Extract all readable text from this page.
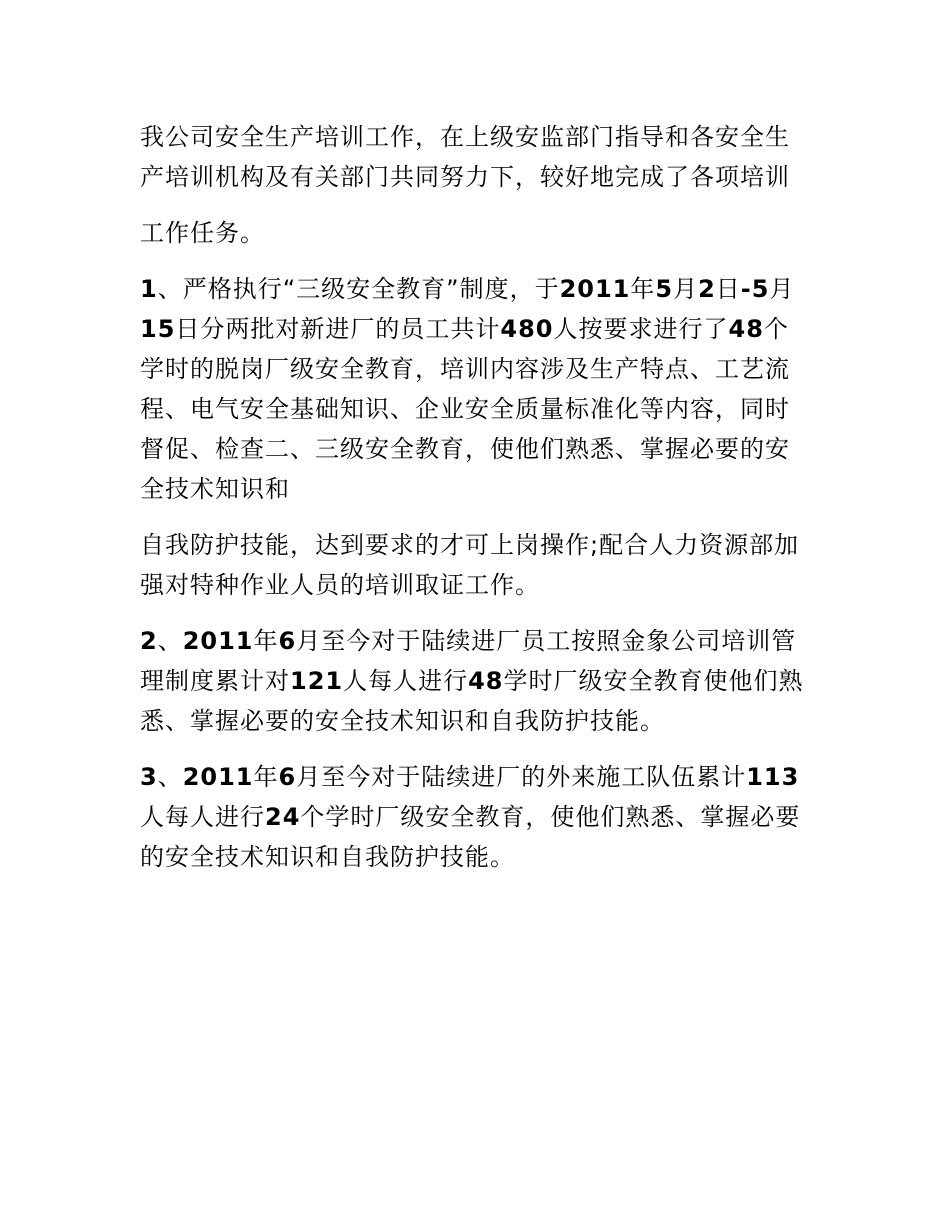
我公司安全生产培训工作，在上级安监部门指导和各安全生产培训机构及有关部门共同努力下，较好地完成了各项培训

工作任务。

1、严格执行“三级安全教育”制度，于2011年5月2日-5月15日分两批对新进厂的员工共计480人按要求进行了48个学时的脱岗厂级安全教育，培训内容涉及生产特点、工艺流程、电气安全基础知识、企业安全质量标准化等内容，同时督促、检查二、三级安全教育，使他们熟悉、掌握必要的安全技术知识和

自我防护技能，达到要求的才可上岗操作;配合人力资源部加强对特种作业人员的培训取证工作。

2、2011年6月至今对于陆续进厂员工按照金象公司培训管理制度累计对121人每人进行48学时厂级安全教育使他们熟悉、掌握必要的安全技术知识和自我防护技能。

3、2011年6月至今对于陆续进厂的外来施工队伍累计113人每人进行24个学时厂级安全教育，使他们熟悉、掌握必要的安全技术知识和自我防护技能。
